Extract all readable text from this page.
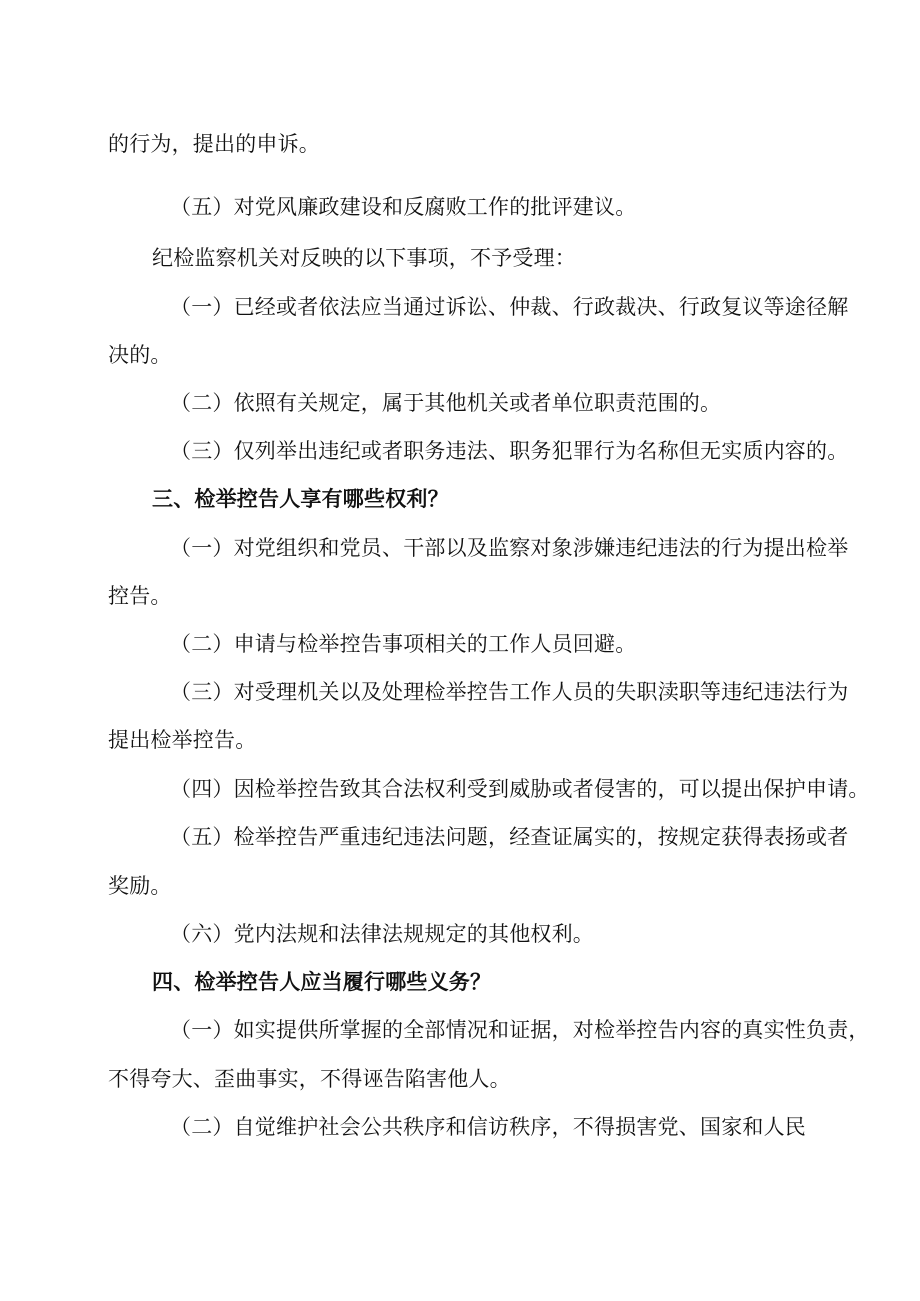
的行为，提出的申诉。
（五）对党风廉政建设和反腐败工作的批评建议。
纪检监察机关对反映的以下事项，不予受理：
（一）已经或者依法应当通过诉讼、仲裁、行政裁决、行政复议等途径解
决的。
（二）依照有关规定，属于其他机关或者单位职责范围的。
（三）仅列举出违纪或者职务违法、职务犯罪行为名称但无实质内容的。
三、检举控告人享有哪些权利？
（一）对党组织和党员、干部以及监察对象涉嫌违纪违法的行为提出检举
控告。
（二）申请与检举控告事项相关的工作人员回避。
（三）对受理机关以及处理检举控告工作人员的失职渎职等违纪违法行为
提出检举控告。
（四）因检举控告致其合法权利受到威胁或者侵害的，可以提出保护申请。
（五）检举控告严重违纪违法问题，经查证属实的，按规定获得表扬或者
奖励。
（六）党内法规和法律法规规定的其他权利。
四、检举控告人应当履行哪些义务？
（一）如实提供所掌握的全部情况和证据，对检举控告内容的真实性负责，
不得夸大、歪曲事实，不得诬告陷害他人。
（二）自觉维护社会公共秩序和信访秩序，不得损害党、国家和人民
